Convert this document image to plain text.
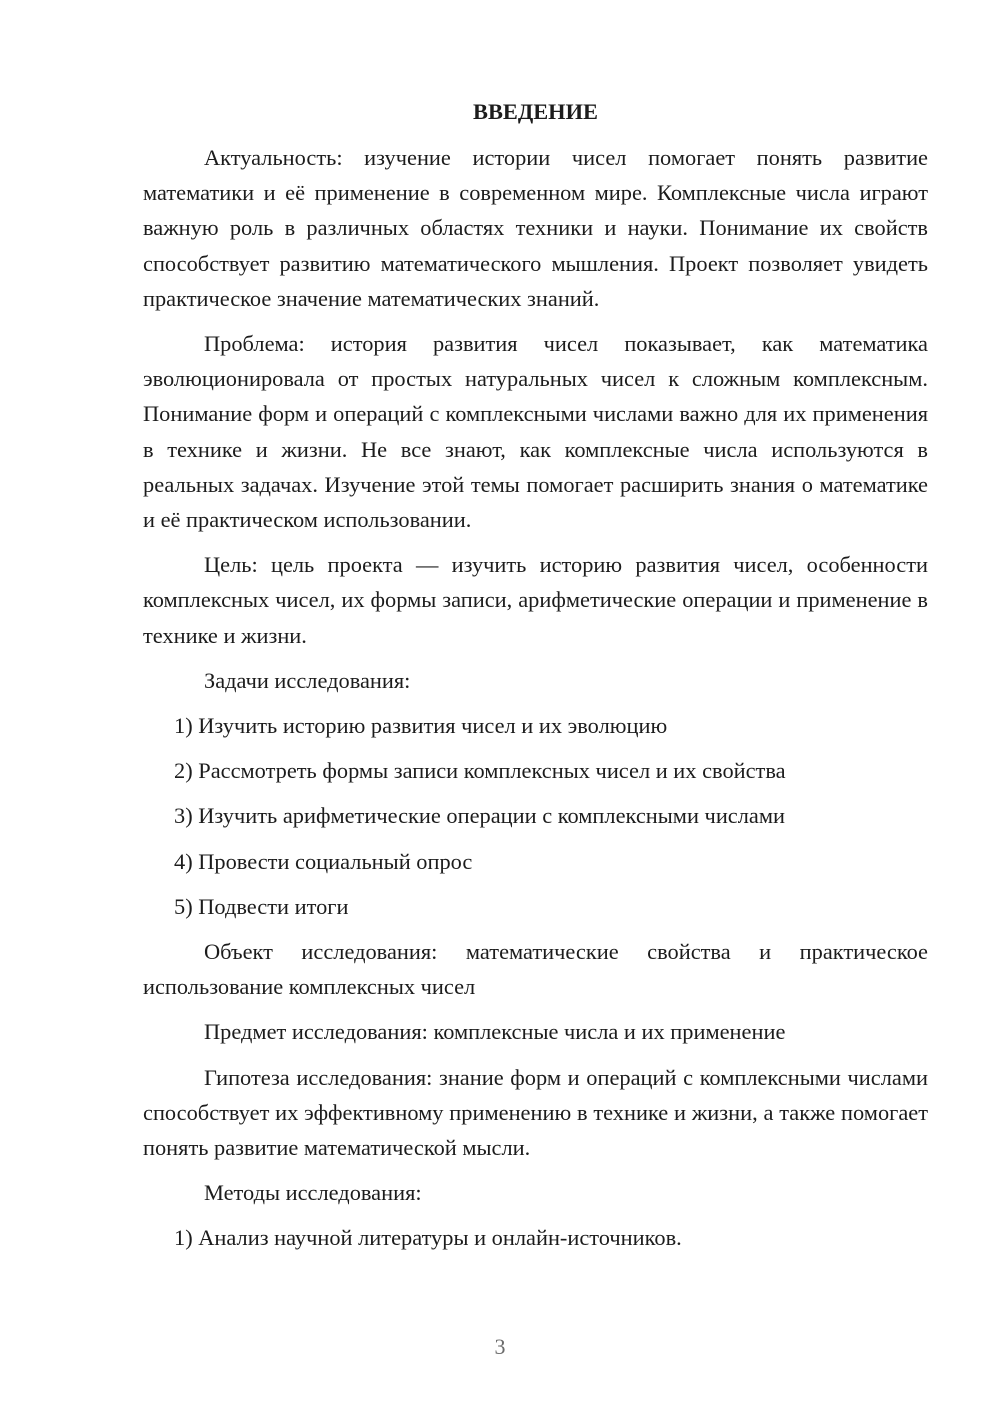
ВВЕДЕНИЕ

Актуальность: изучение истории чисел помогает понять развитие математики и её применение в современном мире. Комплексные числа играют важную роль в различных областях техники и науки. Понимание их свойств способствует развитию математического мышления. Проект позволяет увидеть практическое значение математических знаний.

Проблема: история развития чисел показывает, как математика эволюционировала от простых натуральных чисел к сложным комплексным. Понимание форм и операций с комплексными числами важно для их применения в технике и жизни. Не все знают, как комплексные числа используются в реальных задачах. Изучение этой темы помогает расширить знания о математике и её практическом использовании.

Цель: цель проекта — изучить историю развития чисел, особенности комплексных чисел, их формы записи, арифметические операции и применение в технике и жизни.

Задачи исследования:

1) Изучить историю развития чисел и их эволюцию
2) Рассмотреть формы записи комплексных чисел и их свойства
3) Изучить арифметические операции с комплексными числами
4) Провести социальный опрос
5) Подвести итоги

Объект исследования: математические свойства и практическое использование комплексных чисел

Предмет исследования: комплексные числа и их применение

Гипотеза исследования: знание форм и операций с комплексными числами способствует их эффективному применению в технике и жизни, а также помогает понять развитие математической мысли.

Методы исследования:

1) Анализ научной литературы и онлайн-источников.
3
